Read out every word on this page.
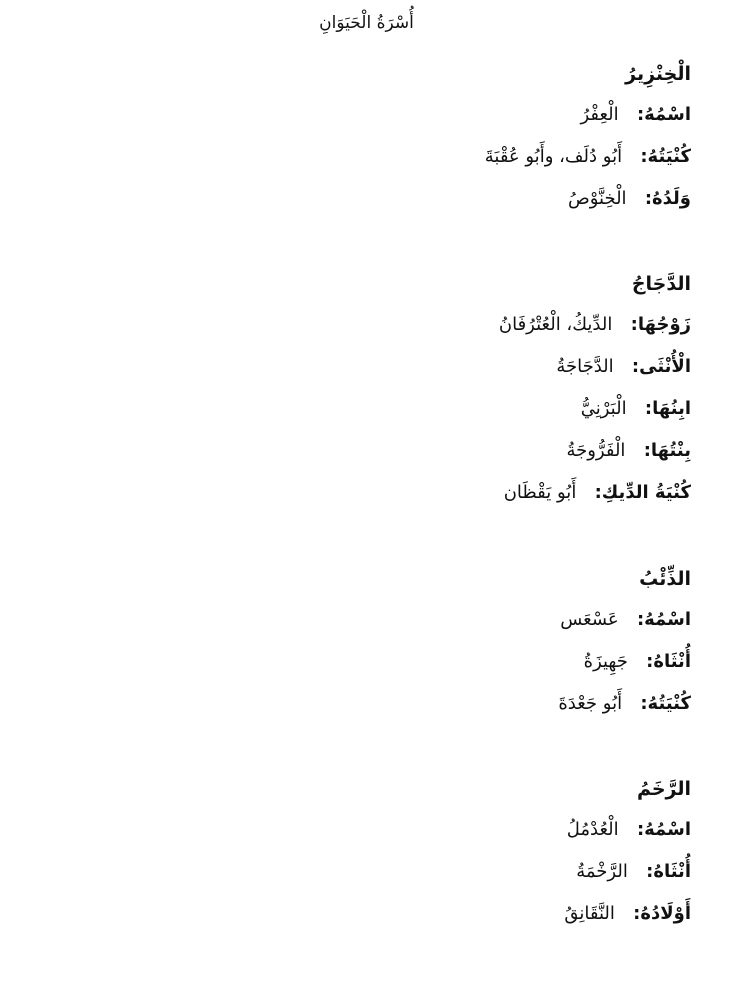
أُسْرَةُ الْحَيَوَانِ
الْخِنْزِيرُ
اسْمُهُ:   الْعِفْرُ
كُنْيَتُهُ:   أَبُو دُلَف، وأَبُو عُقْبَةَ
وَلَدُهُ:   الْخِنَّوْصُ
الدَّجَاجُ
زَوْجُهَا:   الدِّيكُ، الْعُتْرُفَانُ
الْأُنْثَى:   الدَّجَاجَةُ
ابِنُهَا:   الْبَرْنِيُّ
بِنْتُهَا:   الْفَرُّوجَةُ
كُنْيَةُ الدِّيكِ:   أَبُو يَقْظَان
الذِّئْبُ
اسْمُهُ:   عَسْعَس
أُنْثَاهُ:   جَهِيزَةُ
كُنْيَتُهُ:   أَبُو جَعْدَةَ
الرَّخَمُ
اسْمُهُ:   الْعُدْمُلُ
أُنْثَاهُ:   الرَّخْمَةُ
أَوْلَادُهُ:   النَّقَانِقُ
